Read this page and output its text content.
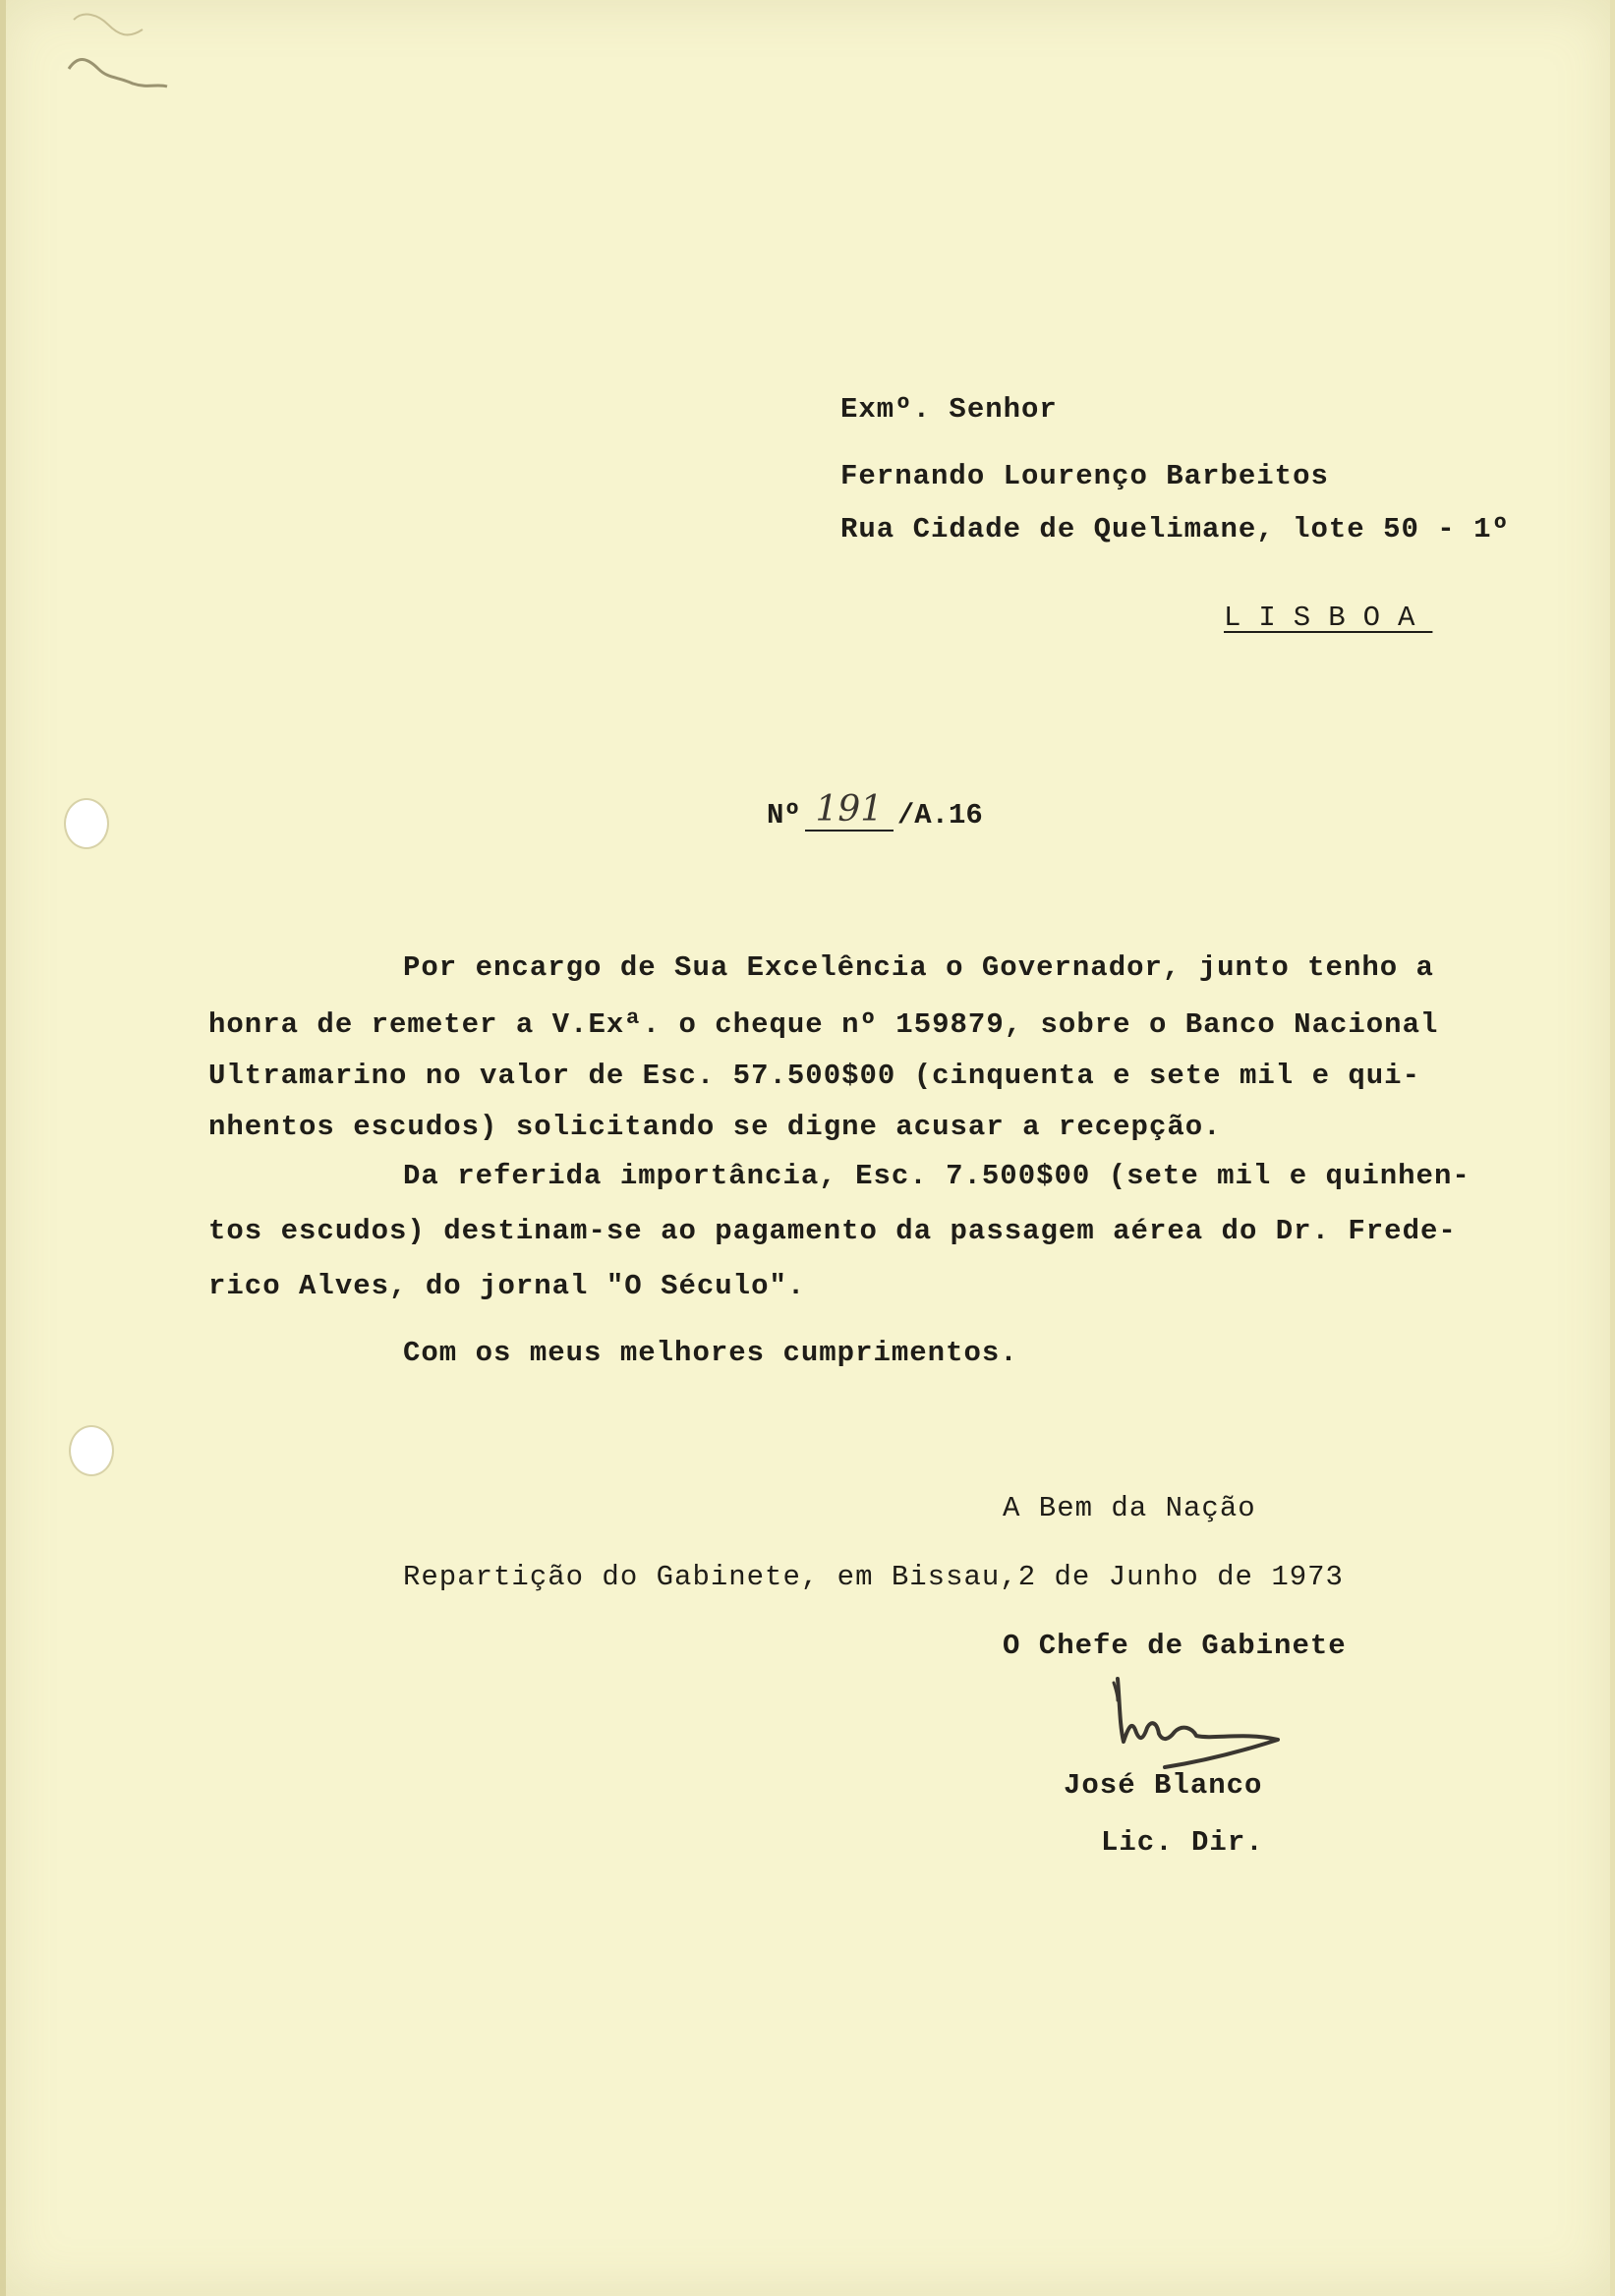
Exmº. Senhor
Fernando Lourenço Barbeitos
Rua Cidade de Quelimane, lote 50 - 1º
LISBOA
Nº 191 /A.16
Por encargo de Sua Excelência o Governador, junto tenho a
honra de remeter a V.Exª. o cheque nº 159879, sobre o Banco Nacional
Ultramarino no valor de Esc. 57.500$00 (cinquenta e sete mil e qui-
nhentos escudos) solicitando se digne acusar a recepção.
Da referida importância, Esc. 7.500$00 (sete mil e quinhen-
tos escudos) destinam-se ao pagamento da passagem aérea do Dr. Frede-
rico Alves, do jornal "O Século".
Com os meus melhores cumprimentos.
A Bem da Nação
Repartição do Gabinete, em Bissau,2 de Junho de 1973
O Chefe de Gabinete
José Blanco
Lic. Dir.
